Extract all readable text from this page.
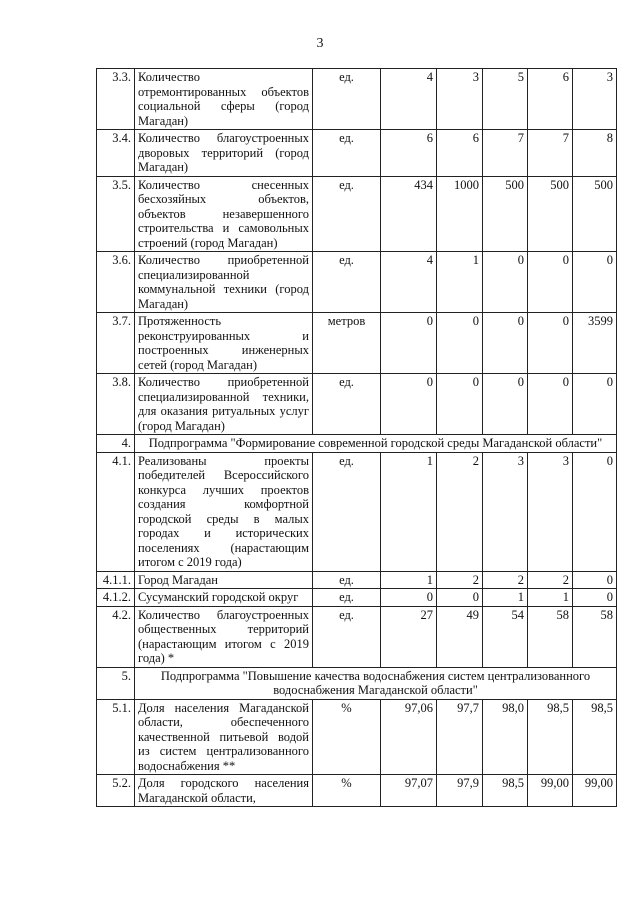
3
3.3.	Количество отремонтированных объектов социальной сферы (город Магадан)	ед.	4	3	5	6	3
3.4.	Количество благоустроенных дворовых территорий (город Магадан)	ед.	6	6	7	7	8
3.5.	Количество снесенных бесхозяйных объектов, объектов незавершенного строительства и самовольных строений (город Магадан)	ед.	434	1000	500	500	500
3.6.	Количество приобретенной специализированной коммунальной техники (город Магадан)	ед.	4	1	0	0	0
3.7.	Протяженность реконструированных и построенных инженерных сетей (город Магадан)	метров	0	0	0	0	3599
3.8.	Количество приобретенной специализированной техники, для оказания ритуальных услуг (город Магадан)	ед.	0	0	0	0	0
4.	Подпрограмма "Формирование современной городской среды Магаданской области"						
4.1.	Реализованы проекты победителей Всероссийского конкурса лучших проектов создания комфортной городской среды в малых городах и исторических поселениях (нарастающим итогом с 2019 года)	ед.	1	2	3	3	0
4.1.1.	Город Магадан	ед.	1	2	2	2	0
4.1.2.	Сусуманский городской округ	ед.	0	0	1	1	0
4.2.	Количество благоустроенных общественных территорий (нарастающим итогом с 2019 года) *	ед.	27	49	54	58	58
5.	Подпрограмма "Повышение качества водоснабжения систем централизованного водоснабжения Магаданской области"						
5.1.	Доля населения Магаданской области, обеспеченного качественной питьевой водой из систем централизованного водоснабжения **	%	97,06	97,7	98,0	98,5	98,5
5.2.	Доля городского населения Магаданской области,	%	97,07	97,9	98,5	99,00	99,00
